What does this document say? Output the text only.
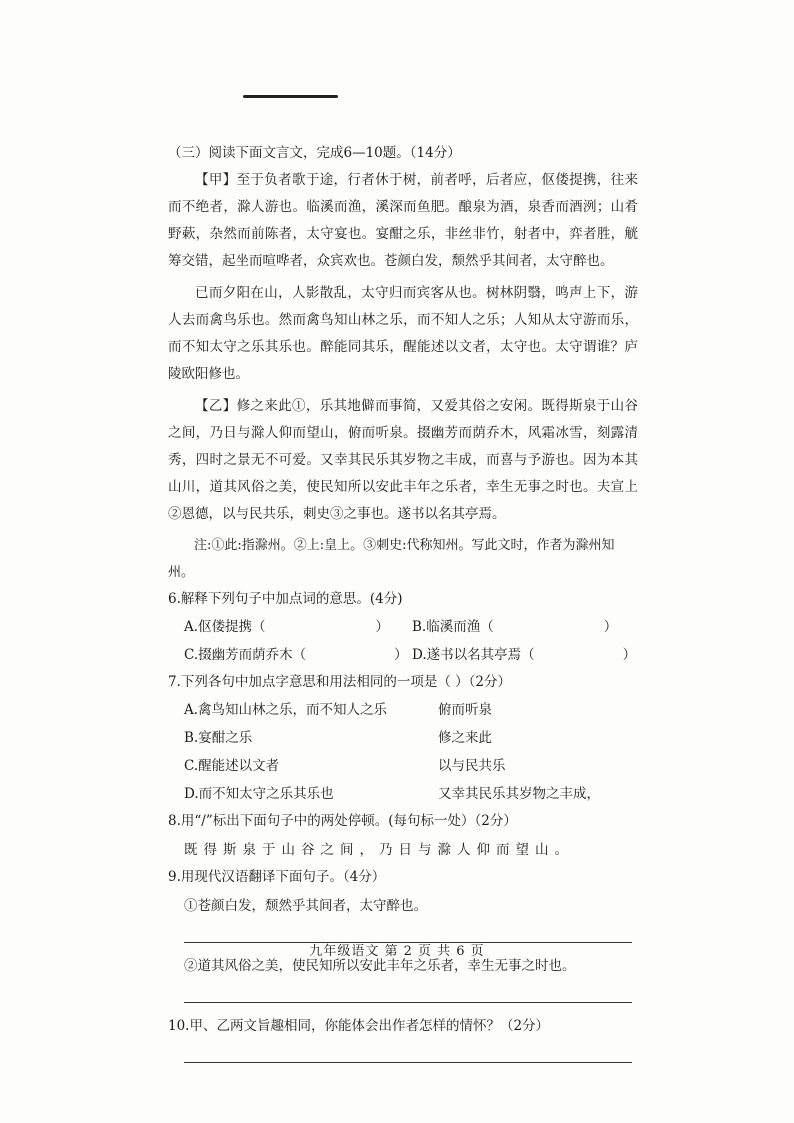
（三）阅读下面文言文，完成6—10题。（14分）

【甲】至于负者歌于途，行者休于树，前者呼，后者应，伛偻提携，往来而不绝者，滁人游也。临溪而渔，溪深而鱼肥。酿泉为酒，泉香而酒洌；山肴野蔌，杂然而前陈者，太守宴也。宴酣之乐，非丝非竹，射者中，弈者胜，觥筹交错，起坐而喧哗者，众宾欢也。苍颜白发，颓然乎其间者，太守醉也。

已而夕阳在山，人影散乱，太守归而宾客从也。树林阴翳，鸣声上下，游人去而禽鸟乐也。然而禽鸟知山林之乐，而不知人之乐；人知从太守游而乐，而不知太守之乐其乐也。醉能同其乐，醒能述以文者，太守也。太守谓谁？庐陵欧阳修也。

【乙】修之来此①，乐其地僻而事简，又爱其俗之安闲。既得斯泉于山谷之间，乃日与滁人仰而望山，俯而听泉。掇幽芳而荫乔木，风霜冰雪，刻露清秀，四时之景无不可爱。又幸其民乐其岁物之丰成，而喜与予游也。因为本其山川，道其风俗之美，使民知所以安此丰年之乐者，幸生无事之时也。夫宣上②恩德，以与民共乐，刺史③之事也。遂书以名其亭焉。

注:①此:指滁州。②上:皇上。③刺史:代称知州。写此文时，作者为滁州知州。

6.解释下列句子中加点词的意思。(4分)

A.伛偻提携（	）	B.临溪而渔（	）
C.掇幽芳而荫乔木（	） D.遂书以名其亭焉（	）

7.下列各句中加点字意思和用法相同的一项是（ ）（2分）

A.禽鸟知山林之乐，而不知人之乐	俯而听泉
B.宴酣之乐	修之来此
C.醒能述以文者	以与民共乐
D.而不知太守之乐其乐也	又幸其民乐其岁物之丰成，

8.用“/”标出下面句子中的两处停顿。(每句标一处）（2分）

既得斯泉于山谷之间，乃日与滁人仰而望山。

9.用现代汉语翻译下面句子。（4分）

①苍颜白发，颓然乎其间者，太守醉也。

②道其风俗之美，使民知所以安此丰年之乐者，幸生无事之时也。

10.甲、乙两文旨趣相同，你能体会出作者怎样的情怀？（2分）

九年级语文 第 2 页 共 6 页
